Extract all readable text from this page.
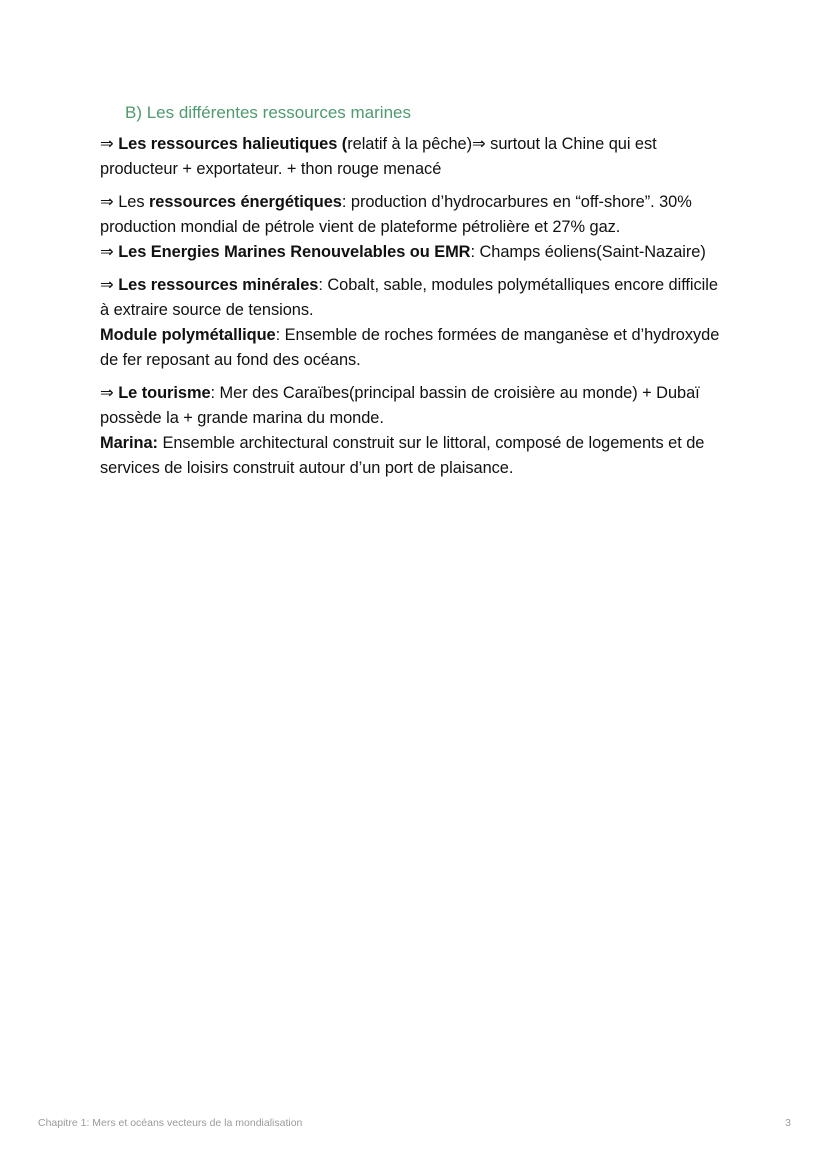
B) Les différentes ressources marines

⇒ Les ressources halieutiques (relatif à la pêche)⇒ surtout la Chine qui est producteur + exportateur. + thon rouge menacé

⇒ Les ressources énergétiques: production d’hydrocarbures en “off-shore”. 30% production mondial de pétrole vient de plateforme pétrolière et 27% gaz.

⇒ Les Energies Marines Renouvelables ou EMR: Champs éoliens(Saint-Nazaire)

⇒ Les ressources minérales: Cobalt, sable, modules polymétalliques encore difficile à extraire source de tensions.

Module polymétallique: Ensemble de roches formées de manganèse et d’hydroxyde de fer reposant au fond des océans.

⇒ Le tourisme: Mer des Caraïbes(principal bassin de croisière au monde) + Dubaï possède la + grande marina du monde.

Marina: Ensemble architectural construit sur le littoral, composé de logements et de services de loisirs construit autour d’un port de plaisance.

Chapitre 1: Mers et océans vecteurs de la mondialisation	3
